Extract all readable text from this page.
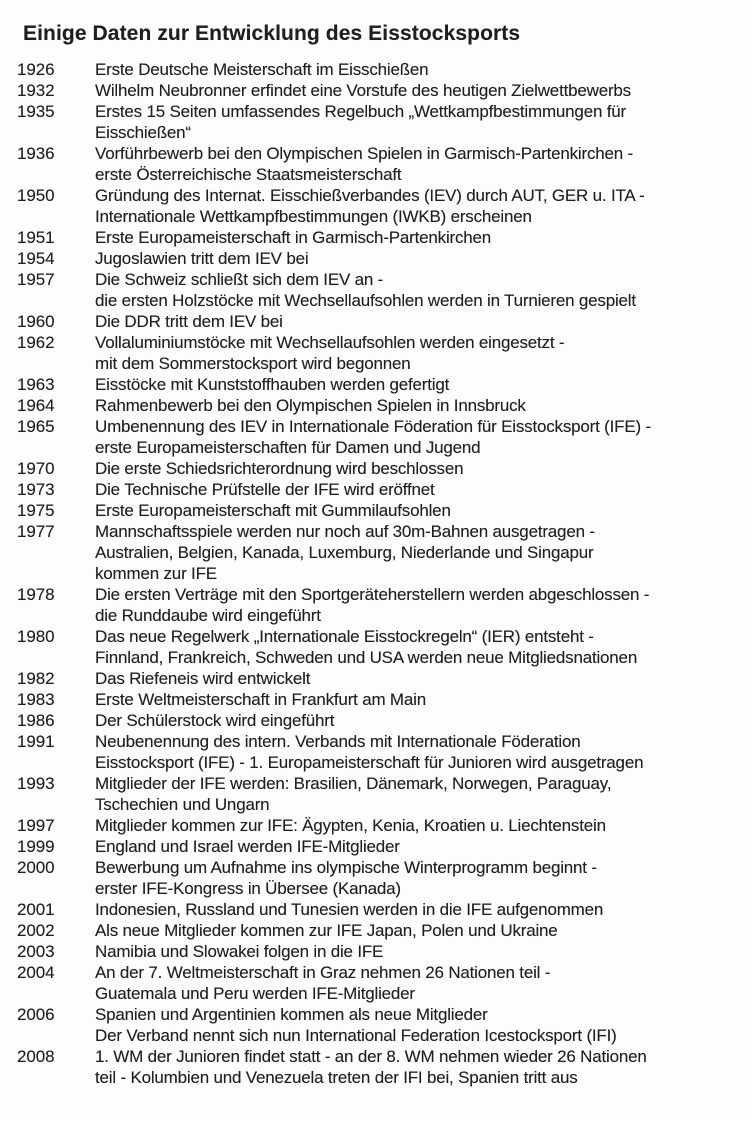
Einige Daten zur Entwicklung des Eisstocksports
1926	Erste Deutsche Meisterschaft im Eisschießen
1932	Wilhelm Neubronner erfindet eine Vorstufe des heutigen Zielwettbewerbs
1935	Erstes 15 Seiten umfassendes Regelbuch „Wettkampfbestimmungen für
Eisschießen“
1936	Vorführbewerb bei den Olympischen Spielen in Garmisch-Partenkirchen -
erste Österreichische Staatsmeisterschaft
1950	Gründung des Internat. Eisschießverbandes (IEV) durch AUT, GER u. ITA -
Internationale Wettkampfbestimmungen (IWKB) erscheinen
1951	Erste Europameisterschaft in Garmisch-Partenkirchen
1954	Jugoslawien tritt dem IEV bei
1957	Die Schweiz schließt sich dem IEV an -
die ersten Holzstöcke mit Wechsellaufsohlen werden in Turnieren gespielt
1960	Die DDR tritt dem IEV bei
1962	Vollaluminiumstöcke mit Wechsellaufsohlen werden eingesetzt -
mit dem Sommerstocksport wird begonnen
1963	Eisstöcke mit Kunststoffhauben werden gefertigt
1964	Rahmenbewerb bei den Olympischen Spielen in Innsbruck
1965	Umbenennung des IEV in Internationale Föderation für Eisstocksport (IFE) -
erste Europameisterschaften für Damen und Jugend
1970	Die erste Schiedsrichterordnung wird beschlossen
1973	Die Technische Prüfstelle der IFE wird eröffnet
1975	Erste Europameisterschaft mit Gummilaufsohlen
1977	Mannschaftsspiele werden nur noch auf 30m-Bahnen ausgetragen -
Australien, Belgien, Kanada, Luxemburg, Niederlande und Singapur
kommen zur IFE
1978	Die ersten Verträge mit den Sportgeräteherstellern werden abgeschlossen -
die Runddaube wird eingeführt
1980	Das neue Regelwerk „Internationale Eisstockregeln“ (IER) entsteht -
Finnland, Frankreich, Schweden und USA werden neue Mitgliedsnationen
1982	Das Riefeneis wird entwickelt
1983	Erste Weltmeisterschaft in Frankfurt am Main
1986	Der Schülerstock wird eingeführt
1991	Neubenennung des intern. Verbands mit Internationale Föderation
Eisstocksport (IFE) - 1. Europameisterschaft für Junioren wird ausgetragen
1993	Mitglieder der IFE werden: Brasilien, Dänemark, Norwegen, Paraguay,
Tschechien und Ungarn
1997	Mitglieder kommen zur IFE: Ägypten, Kenia, Kroatien u. Liechtenstein
1999	England und Israel werden IFE-Mitglieder
2000	Bewerbung um Aufnahme ins olympische Winterprogramm beginnt -
erster IFE-Kongress in Übersee (Kanada)
2001	Indonesien, Russland und Tunesien werden in die IFE aufgenommen
2002	Als neue Mitglieder kommen zur IFE Japan, Polen und Ukraine
2003	Namibia und Slowakei folgen in die IFE
2004	An der 7. Weltmeisterschaft in Graz nehmen 26 Nationen teil -
Guatemala und Peru werden IFE-Mitglieder
2006	Spanien und Argentinien kommen als neue Mitglieder
Der Verband nennt sich nun International Federation Icestocksport (IFI)
2008	1. WM der Junioren findet statt - an der 8. WM nehmen wieder 26 Nationen
teil - Kolumbien und Venezuela treten der IFI bei, Spanien tritt aus
